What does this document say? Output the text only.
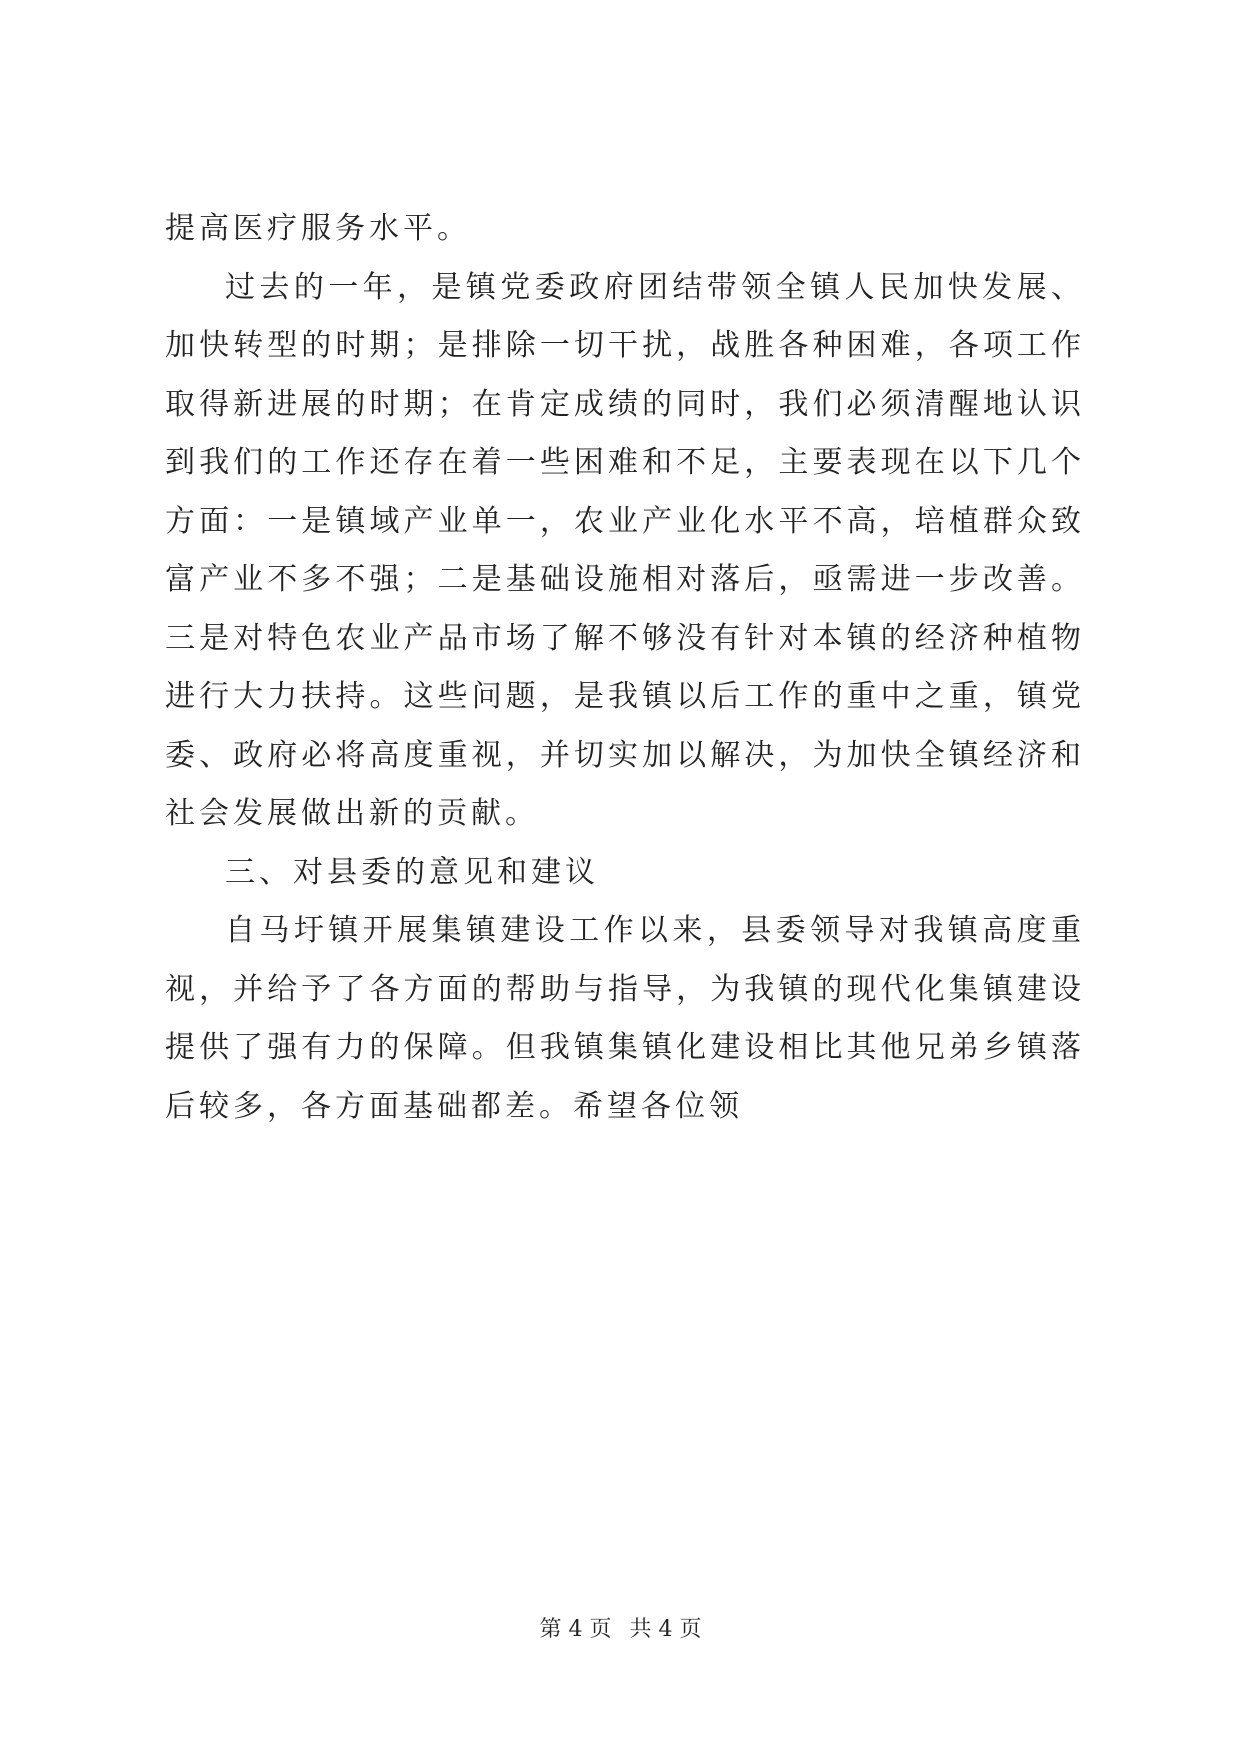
提高医疗服务水平。

过去的一年，是镇党委政府团结带领全镇人民加快发展、加快转型的时期；是排除一切干扰，战胜各种困难，各项工作取得新进展的时期；在肯定成绩的同时，我们必须清醒地认识到我们的工作还存在着一些困难和不足，主要表现在以下几个方面：一是镇域产业单一，农业产业化水平不高，培植群众致富产业不多不强；二是基础设施相对落后，亟需进一步改善。三是对特色农业产品市场了解不够没有针对本镇的经济种植物进行大力扶持。这些问题，是我镇以后工作的重中之重，镇党委、政府必将高度重视，并切实加以解决，为加快全镇经济和社会发展做出新的贡献。

三、对县委的意见和建议

自马圩镇开展集镇建设工作以来，县委领导对我镇高度重视，并给予了各方面的帮助与指导，为我镇的现代化集镇建设提供了强有力的保障。但我镇集镇化建设相比其他兄弟乡镇落后较多，各方面基础都差。希望各位领

第 4 页 共 4 页
